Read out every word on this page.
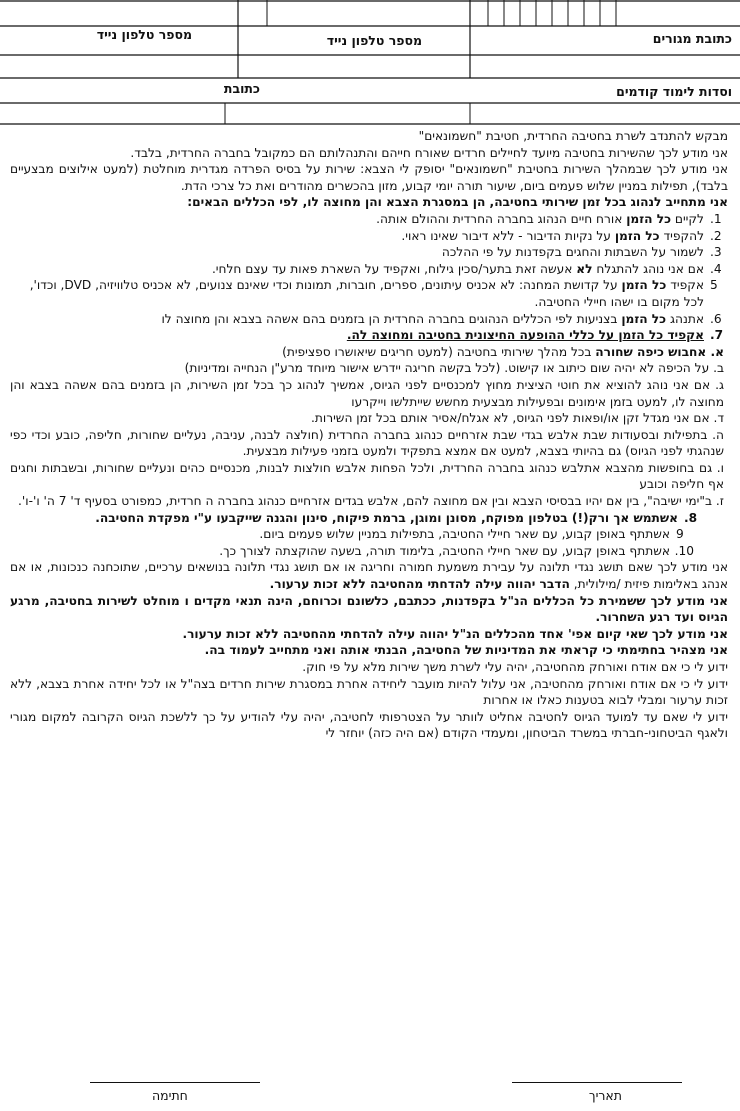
כתובת מגורים
מספר טלפון נייד
מספר טלפון נייד
וסדות לימוד קודמים
כתובת

מבקש להתנדב לשרת בחטיבה החרדית, חטיבת "חשמונאים"

אני מודע לכך שהשירות בחטיבה מיועד לחיילים חרדים שאורח חייהם והתנהלותם הם כמקובל בחברה החרדית, בלבד.

אני מודע לכך שבמהלך השירות בחטיבת "חשמונאים" יסופק לי הצבא: שירות על בסיס הפרדה מגדרית מוחלטת (למעט אילוצים מבצעיים בלבד), תפילות במניין שלוש פעמים ביום, שיעור תורה יומי קבוע, מזון בהכשרים מהודרים ואת כל צרכי הדת.

אני מתחייב לנהוג בכל זמן שירותי בחטיבה, הן במסגרת הצבא והן מחוצה לו, לפי הכללים הבאים:

1.
לקיים כל הזמן אורח חיים הנהוג בחברה החרדית וההולם אותה.
2.
להקפיד כל הזמן על נקיות הדיבור - ללא דיבור שאינו ראוי.
3.
לשמור על השבתות והחגים בקפדנות על פי ההלכה
4.
אם אני נוהג להתגלח לא אעשה זאת בתער/סכין גילוח, ואקפיד על השארת פאות עד עצם חלחי.
5
אקפיד כל הזמן על קדושת המחנה: לא אכניס עיתונים, ספרים, חוברות, תמונות וכדי שאינם צנועים, לא אכניס טלוויזיה, DVD, וכדו', לכל מקום בו ישהו חיילי החטיבה.
6.
אתנהג כל הזמן בצניעות לפי הכללים הנהוגים בחברה החרדית הן בזמנים בהם אשהה בצבא והן מחוצה לו
7.
אקפיד כל הזמן על כללי ההופעה החיצונית בחטיבה ומחוצה לה.

א. אחבוש כיפה שחורה בכל מהלך שירותי בחטיבה (למעט חריגים שיאושרו ספציפית)

ב. על הכיפה לא יהיה שום כיתוב או קישוט. (לכל בקשה חריגה יידרש אישור מיוחד מרע"ן הנחייה ומדיניות)

ג. אם אני נוהג להוציא את חוטי הציצית מחוץ למכנסיים לפני הגיוס, אמשיך לנהוג כך בכל זמן השירות, הן בזמנים בהם אשהה בצבא והן מחוצה לו, למעט בזמן אימונים ובפעילות מבצעית מחשש שייתלשו וייקרעו

ד. אם אני מגדל זקן או/ופאות לפני הגיוס, לא אגלח/אסיר אותם בכל זמן השירות.

ה. בתפילות ובסעודות שבת אלבש בגדי שבת אזרחיים כנהוג בחברה החרדית (חולצה לבנה, עניבה, נעליים שחורות, חליפה, כובע וכדי כפי שנהגתי לפני הגיוס) גם בהיותי בצבא, למעט אם אמצא בתפקיד ולמעט בזמני פעילות מבצעית.

ו. גם בחופשות מהצבא אתלבש כנהוג בחברה החרדית, ולכל הפחות אלבש חולצות לבנות, מכנסיים כהים ונעליים שחורות, ובשבתות וחגים אף חליפה וכובע

ז. ב"ימי ישיבה", בין אם יהיו בבסיסי הצבא ובין אם מחוצה להם, אלבש בגדים אזרחיים כנהוג בחברה ה חרדית, כמפורט בסעיף ד' 7 ה' ו'-ו'.

8.
אשתמש אך ורק(!) בטלפון מפוקח, מסונן ומוגן, ברמת פיקוח, סינון והגנה שייקבעו ע"י מפקדת החטיבה.
9
אשתתף באופן קבוע, עם שאר חיילי החטיבה, בתפילות במניין שלוש פעמים ביום.
10.
אשתתף באופן קבוע, עם שאר חיילי החטיבה, בלימוד תורה, בשעה שהוקצתה לצורך כך.

אני מודע לכך שאם תושג נגדי תלונה על עבירת משמעת חמורה וחריגה או אם תושג נגדי תלונה בנושאים ערכיים, שתוכחנה כנכונות, או אם אנהג באלימות פיזית /מילולית, הדבר יהווה עילה להדחתי מהחטיבה ללא זכות ערעור.

אני מודע לכך ששמירת כל הכללים הנ"ל בקפדנות, ככתבם, כלשונם וכרוחם, הינה תנאי מקדים ו מוחלט לשירות בחטיבה, מרגע הגיוס ועד רגע השחרור.

אני מודע לכך שאי קיום אפי' אחד מהכללים הנ"ל יהווה עילה להדחתי מהחטיבה ללא זכות ערעור.

אני מצהיר בחתימתי כי קראתי את המדיניות של החטיבה, הבנתי אותה ואני מתחייב לעמוד בה.

ידוע לי כי אם אודח ואורחק מהחטיבה, יהיה עלי לשרת משך שירות מלא על פי חוק.

ידוע לי כי אם אודח ואורחק מהחטיבה, אני עלול להיות מועבר ליחידה אחרת במסגרת שירות חרדים בצה"ל או לכל יחידה אחרת בצבא, ללא זכות ערעור ומבלי לבוא בטענות כאלו או אחרות

ידוע לי שאם עד למועד הגיוס לחטיבה אחליט לוותר על הצטרפותי לחטיבה, יהיה עלי להודיע על כך ללשכת הגיוס הקרובה למקום מגורי ולאגף הביטחוני-חברתי במשרד הביטחון, ומעמדי הקודם (אם היה כזה) יוחזר לי

תאריך
חתימה
